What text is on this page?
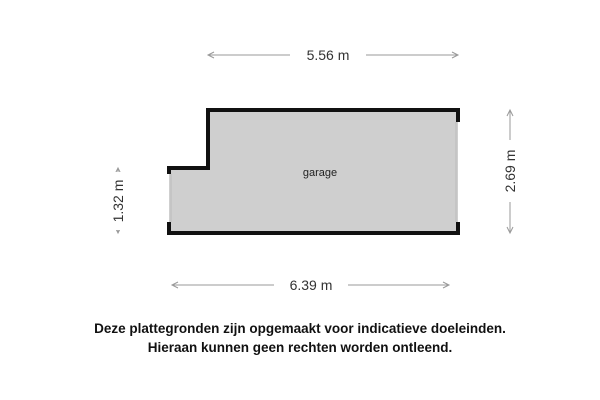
5.56 m
2.69 m
1.32 m
6.39 m
garage
Deze plattegronden zijn opgemaakt voor indicatieve doeleinden.
Hieraan kunnen geen rechten worden ontleend.
